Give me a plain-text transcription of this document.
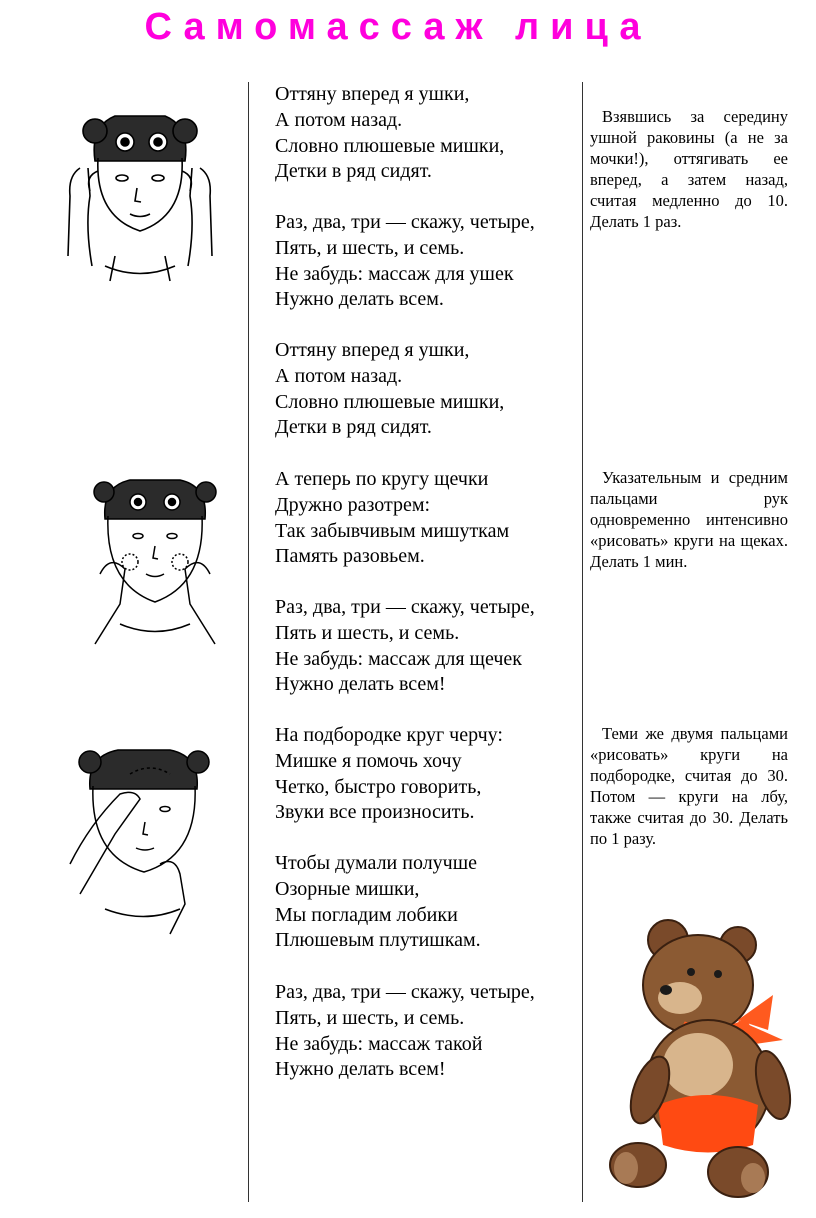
Самомассаж лица
Оттяну вперед я ушки,
А потом назад.
Словно плюшевые мишки,
Детки в ряд сидят.
Раз, два, три — скажу, четыре,
Пять, и шесть, и семь.
Не забудь: массаж для ушек
Нужно делать всем.
Оттяну вперед я ушки,
А потом назад.
Словно плюшевые мишки,
Детки в ряд сидят.
А теперь по кругу щечки
Дружно разотрем:
Так забывчивым мишуткам
Память разовьем.
Раз, два, три — скажу, четыре,
Пять и шесть, и семь.
Не забудь: массаж для щечек
Нужно делать всем!
На подбородке круг черчу:
Мишке я помочь хочу
Четко, быстро говорить,
Звуки все произносить.
Чтобы думали получше
Озорные мишки,
Мы погладим лобики
Плюшевым плутишкам.
Раз, два, три — скажу, четыре,
Пять, и шесть, и семь.
Не забудь: массаж такой
Нужно делать всем!
Взявшись за середину ушной раковины (а не за мочки!), оттягивать ее вперед, а затем назад, считая медленно до 10. Делать 1 раз.
Указательным и средним пальцами рук одновременно интенсивно «рисовать» круги на щеках. Делать 1 мин.
Теми же двумя пальцами «рисовать» круги на подбородке, считая до 30. Потом — круги на лбу, также считая до 30. Делать по 1 разу.
